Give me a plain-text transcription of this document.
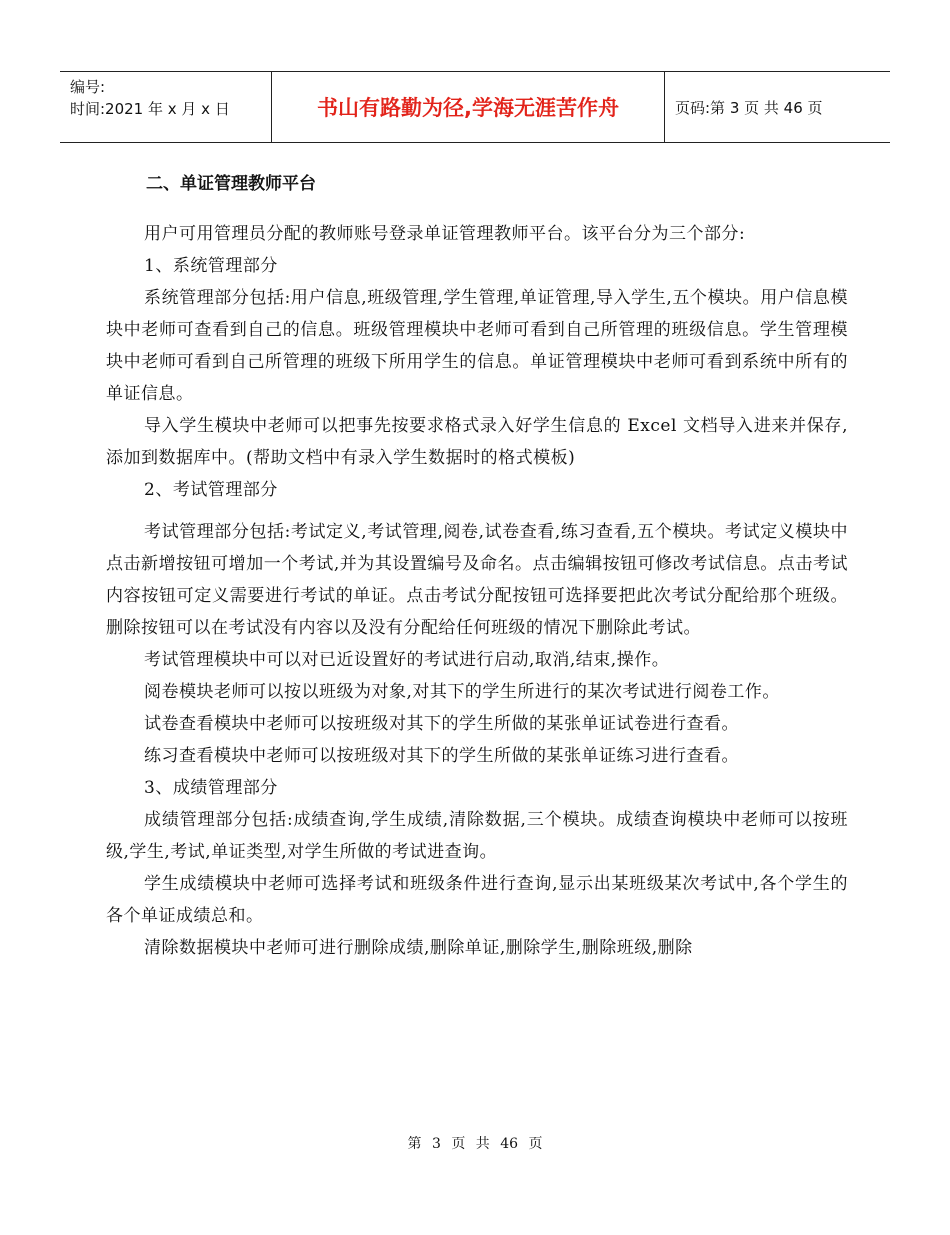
编号:
时间:2021 年 x 月 x 日	书山有路勤为径,学海无涯苦作舟	页码:第 3 页 共 46 页
二、单证管理教师平台

用户可用管理员分配的教师账号登录单证管理教师平台。该平台分为三个部分:

1、系统管理部分

系统管理部分包括:用户信息,班级管理,学生管理,单证管理,导入学生,五个模块。用户信息模块中老师可查看到自己的信息。班级管理模块中老师可看到自己所管理的班级信息。学生管理模块中老师可看到自己所管理的班级下所用学生的信息。单证管理模块中老师可看到系统中所有的单证信息。

导入学生模块中老师可以把事先按要求格式录入好学生信息的 Excel 文档导入进来并保存,添加到数据库中。(帮助文档中有录入学生数据时的格式模板)

2、考试管理部分

考试管理部分包括:考试定义,考试管理,阅卷,试卷查看,练习查看,五个模块。考试定义模块中点击新增按钮可增加一个考试,并为其设置编号及命名。点击编辑按钮可修改考试信息。点击考试内容按钮可定义需要进行考试的单证。点击考试分配按钮可选择要把此次考试分配给那个班级。删除按钮可以在考试没有内容以及没有分配给任何班级的情况下删除此考试。

考试管理模块中可以对已近设置好的考试进行启动,取消,结束,操作。

阅卷模块老师可以按以班级为对象,对其下的学生所进行的某次考试进行阅卷工作。

试卷查看模块中老师可以按班级对其下的学生所做的某张单证试卷进行查看。

练习查看模块中老师可以按班级对其下的学生所做的某张单证练习进行查看。

3、成绩管理部分

成绩管理部分包括:成绩查询,学生成绩,清除数据,三个模块。成绩查询模块中老师可以按班级,学生,考试,单证类型,对学生所做的考试进查询。

学生成绩模块中老师可选择考试和班级条件进行查询,显示出某班级某次考试中,各个学生的各个单证成绩总和。

清除数据模块中老师可进行删除成绩,删除单证,删除学生,删除班级,删除

第 3 页 共 46 页
